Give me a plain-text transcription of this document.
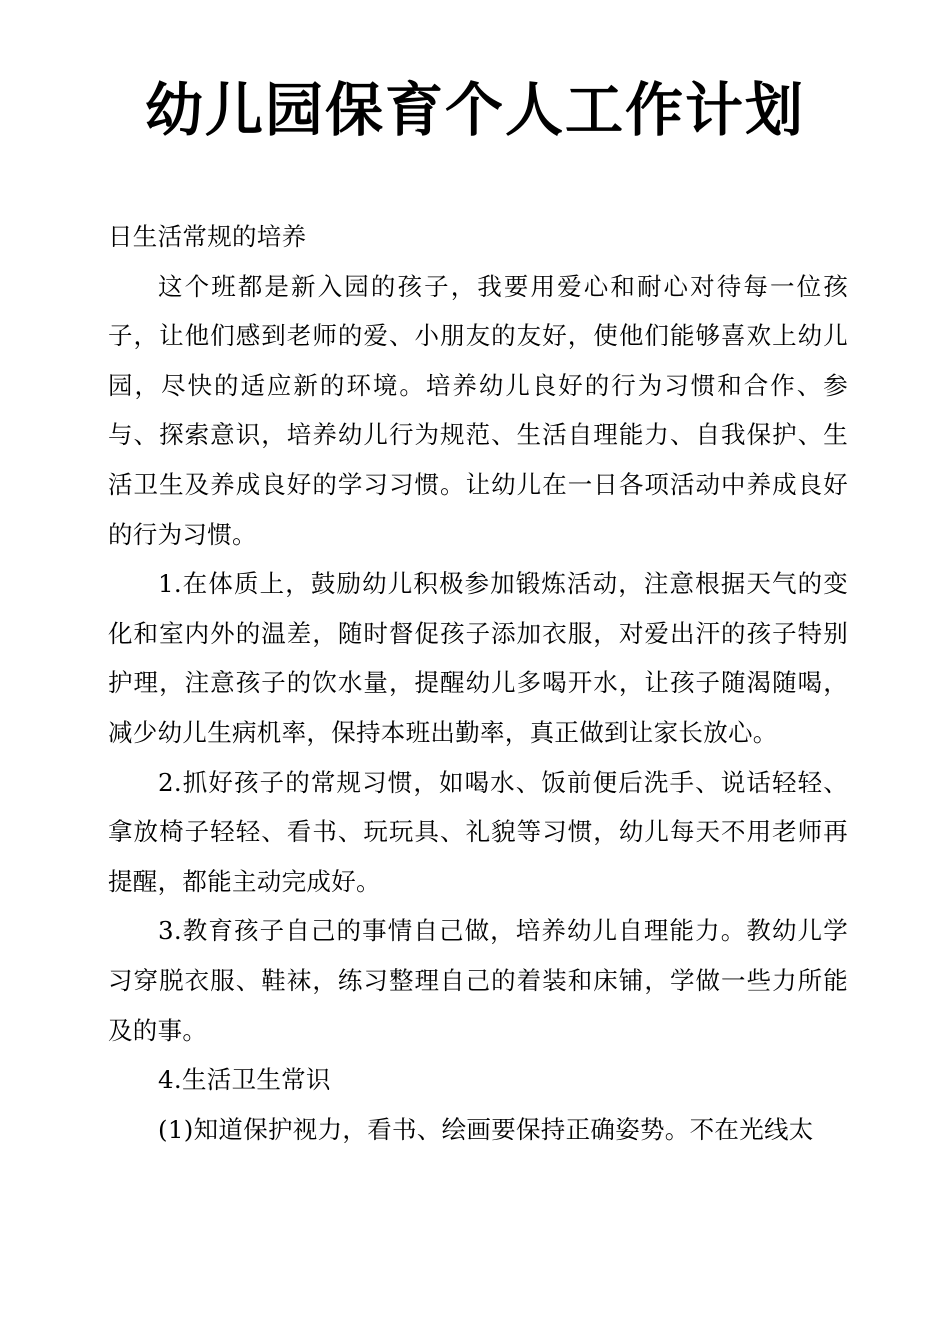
幼儿园保育个人工作计划

日生活常规的培养

这个班都是新入园的孩子，我要用爱心和耐心对待每一位孩子，让他们感到老师的爱、小朋友的友好，使他们能够喜欢上幼儿园，尽快的适应新的环境。培养幼儿良好的行为习惯和合作、参与、探索意识，培养幼儿行为规范、生活自理能力、自我保护、生活卫生及养成良好的学习习惯。让幼儿在一日各项活动中养成良好的行为习惯。

1.在体质上，鼓励幼儿积极参加锻炼活动，注意根据天气的变化和室内外的温差，随时督促孩子添加衣服，对爱出汗的孩子特别护理，注意孩子的饮水量，提醒幼儿多喝开水，让孩子随渴随喝，减少幼儿生病机率，保持本班出勤率，真正做到让家长放心。

2.抓好孩子的常规习惯，如喝水、饭前便后洗手、说话轻轻、拿放椅子轻轻、看书、玩玩具、礼貌等习惯，幼儿每天不用老师再提醒，都能主动完成好。

3.教育孩子自己的事情自己做，培养幼儿自理能力。教幼儿学习穿脱衣服、鞋袜，练习整理自己的着装和床铺，学做一些力所能及的事。

4.生活卫生常识

(1)知道保护视力，看书、绘画要保持正确姿势。不在光线太
